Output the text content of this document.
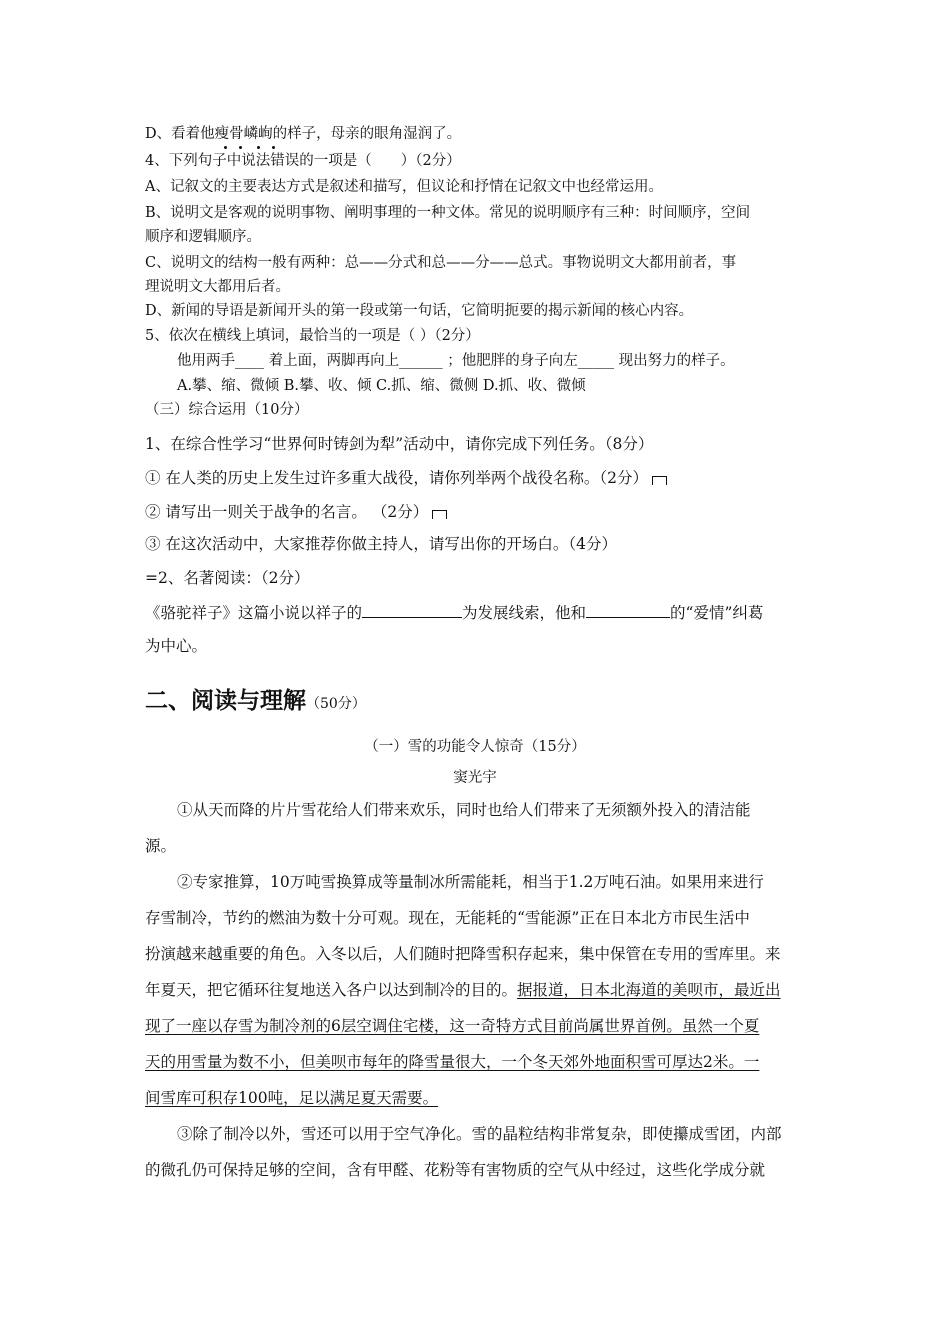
D、看着他瘦骨嶙峋的样子，母亲的眼角湿润了。
4、下列句子中说法错误的一项是（　　）（2分）
A、记叙文的主要表达方式是叙述和描写，但议论和抒情在记叙文中也经常运用。
B、说明文是客观的说明事物、阐明事理的一种文体。常见的说明顺序有三种：时间顺序，空间
顺序和逻辑顺序。
C、说明文的结构一般有两种：总——分式和总——分——总式。事物说明文大都用前者，事
理说明文大都用后者。
D、新闻的导语是新闻开头的第一段或第一句话，它简明扼要的揭示新闻的核心内容。
5、依次在横线上填词，最恰当的一项是（ ）（2分）
他用两手____ 着上面，两脚再向上______ ；他肥胖的身子向左_____ 现出努力的样子。
A.攀、缩、微倾 B.攀、收、倾 C.抓、缩、微侧 D.抓、收、微倾
（三）综合运用（10分）
1、在综合性学习“世界何时铸剑为犁”活动中，请你完成下列任务。（8分）
① 在人类的历史上发生过许多重大战役，请你列举两个战役名称。（2分）
② 请写出一则关于战争的名言。 （2分）
③ 在这次活动中，大家推荐你做主持人，请写出你的开场白。（4分）
=2、名著阅读：（2分）
《骆驼祥子》这篇小说以祥子的	为发展线索，他和	的“爱情”纠葛
为中心。
二、阅读与理解（50分）
（一）雪的功能令人惊奇（15分）
窦光宇
①从天而降的片片雪花给人们带来欢乐，同时也给人们带来了无须额外投入的清洁能
源。
②专家推算，10万吨雪换算成等量制冰所需能耗，相当于1.2万吨石油。如果用来进行
存雪制冷，节约的燃油为数十分可观。现在，无能耗的“雪能源”正在日本北方市民生活中
扮演越来越重要的角色。入冬以后，人们随时把降雪积存起来，集中保管在专用的雪库里。来
年夏天，把它循环往复地送入各户以达到制冷的目的。据报道，日本北海道的美呗市，最近出
现了一座以存雪为制冷剂的6层空调住宅楼，这一奇特方式目前尚属世界首例。虽然一个夏
天的用雪量为数不小，但美呗市每年的降雪量很大，一个冬天郊外地面积雪可厚达2米。一
间雪库可积存100吨，足以满足夏天需要。
③除了制冷以外，雪还可以用于空气净化。雪的晶粒结构非常复杂，即使攥成雪团，内部
的微孔仍可保持足够的空间，含有甲醛、花粉等有害物质的空气从中经过，这些化学成分就
